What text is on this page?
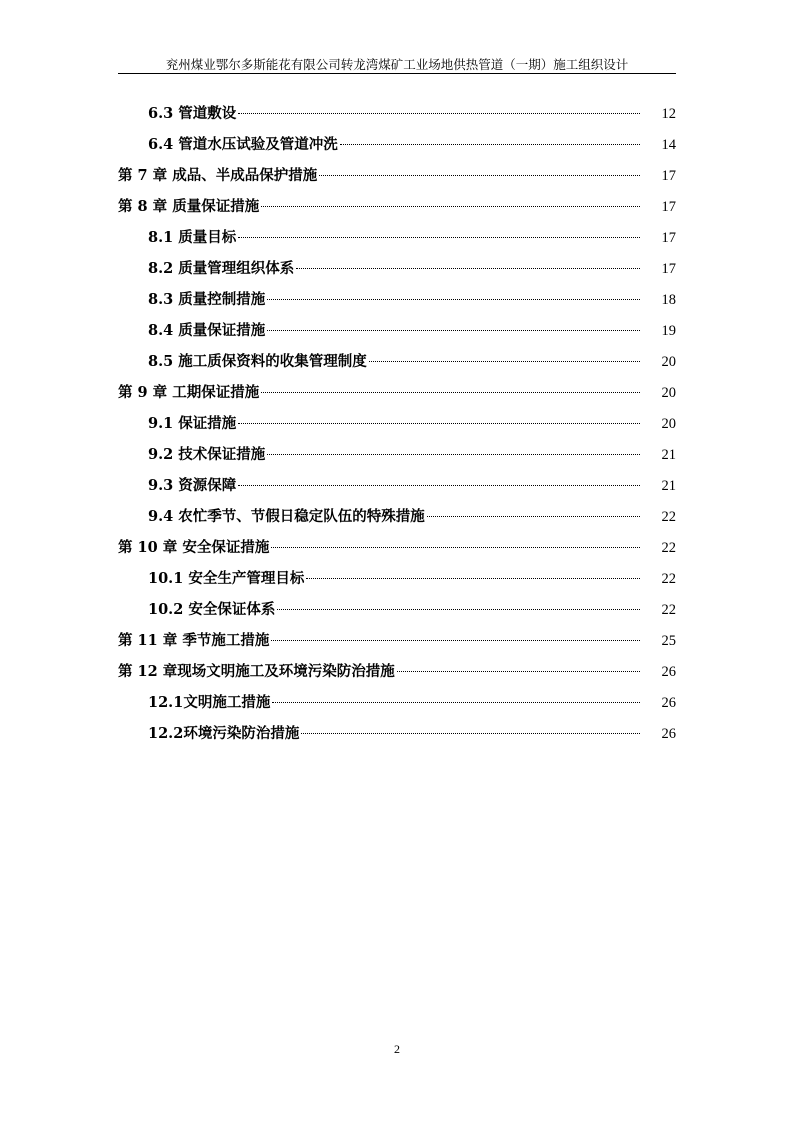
兖州煤业鄂尔多斯能花有限公司转龙湾煤矿工业场地供热管道（一期）施工组织设计
6.3 管道敷设	12
6.4 管道水压试验及管道冲洗	14
第 7 章 成品、半成品保护措施	17
第 8 章 质量保证措施	17
8.1 质量目标	17
8.2 质量管理组织体系	17
8.3 质量控制措施	18
8.4 质量保证措施	19
8.5 施工质保资料的收集管理制度	20
第 9 章 工期保证措施	20
9.1 保证措施	20
9.2 技术保证措施	21
9.3 资源保障	21
9.4 农忙季节、节假日稳定队伍的特殊措施	22
第 10 章 安全保证措施	22
10.1 安全生产管理目标	22
10.2 安全保证体系	22
第 11 章 季节施工措施	25
第 12 章 现场文明施工及环境污染防治措施	26
12.1 文明施工措施	26
12.2 环境污染防治措施	26
2
